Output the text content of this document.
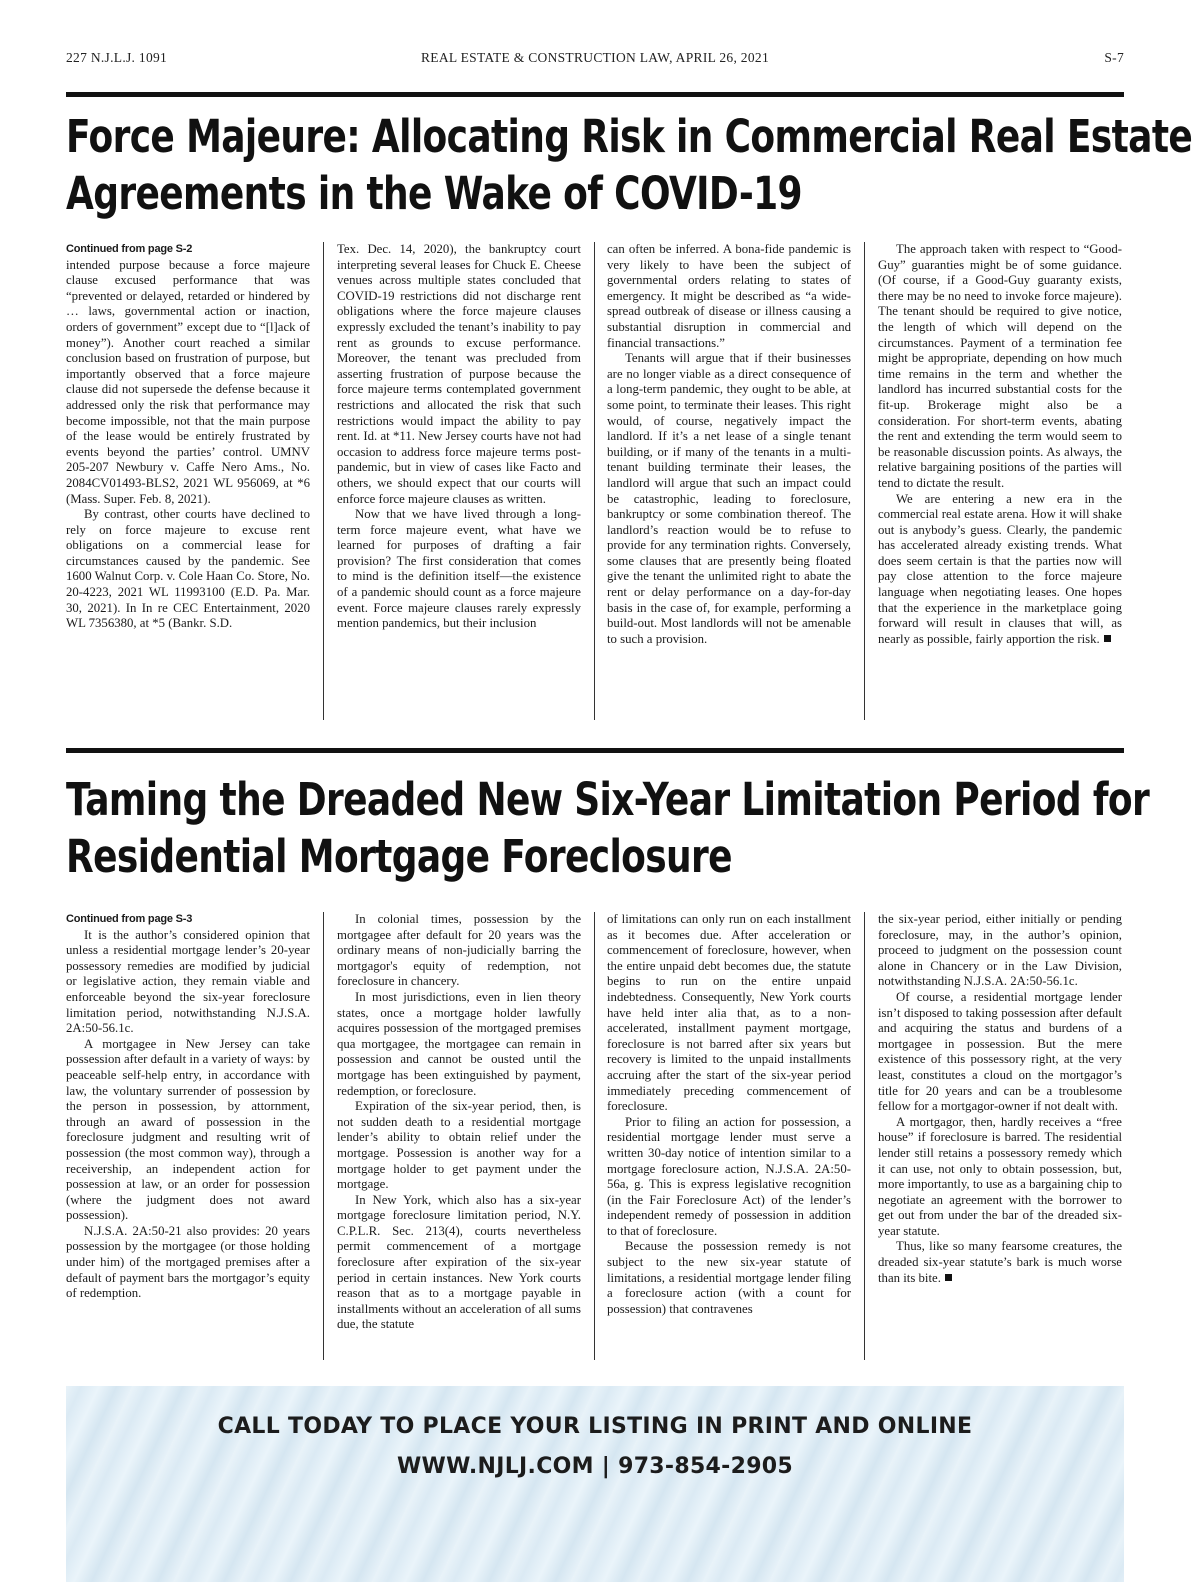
227 N.J.L.J. 1091	REAL ESTATE & CONSTRUCTION LAW, APRIL 26, 2021	S-7
Force Majeure: Allocating Risk in Commercial Real Estate
Agreements in the Wake of COVID-19

Continued from page S-2

intended purpose because a force majeure clause excused performance that was “prevented or delayed, retarded or hindered by … laws, governmental action or inaction, orders of government” except due to “[l]ack of money”). Another court reached a similar conclusion based on frustration of purpose, but importantly observed that a force majeure clause did not supersede the defense because it addressed only the risk that performance may become impossible, not that the main purpose of the lease would be entirely frustrated by events beyond the parties’ control. UMNV 205-207 Newbury v. Caffe Nero Ams., No. 2084CV01493-BLS2, 2021 WL 956069, at *6 (Mass. Super. Feb. 8, 2021).

By contrast, other courts have declined to rely on force majeure to excuse rent obligations on a commercial lease for circumstances caused by the pandemic. See 1600 Walnut Corp. v. Cole Haan Co. Store, No. 20-4223, 2021 WL 11993100 (E.D. Pa. Mar. 30, 2021). In In re CEC Entertainment, 2020 WL 7356380, at *5 (Bankr. S.D.

Tex. Dec. 14, 2020), the bankruptcy court interpreting several leases for Chuck E. Cheese venues across multiple states concluded that COVID-19 restrictions did not discharge rent obligations where the force majeure clauses expressly excluded the tenant’s inability to pay rent as grounds to excuse performance. Moreover, the tenant was precluded from asserting frustration of purpose because the force majeure terms contemplated government restrictions and allocated the risk that such restrictions would impact the ability to pay rent. Id. at *11. New Jersey courts have not had occasion to address force majeure terms post-pandemic, but in view of cases like Facto and others, we should expect that our courts will enforce force majeure clauses as written.

Now that we have lived through a long-term force majeure event, what have we learned for purposes of drafting a fair provision? The first consideration that comes to mind is the definition itself—the existence of a pandemic should count as a force majeure event. Force majeure clauses rarely expressly mention pandemics, but their inclusion

can often be inferred. A bona-fide pandemic is very likely to have been the subject of governmental orders relating to states of emergency. It might be described as “a wide-spread outbreak of disease or illness causing a substantial disruption in commercial and financial transactions.”

Tenants will argue that if their businesses are no longer viable as a direct consequence of a long-term pandemic, they ought to be able, at some point, to terminate their leases. This right would, of course, negatively impact the landlord. If it’s a net lease of a single tenant building, or if many of the tenants in a multi-tenant building terminate their leases, the landlord will argue that such an impact could be catastrophic, leading to foreclosure, bankruptcy or some combination thereof. The landlord’s reaction would be to refuse to provide for any termination rights. Conversely, some clauses that are presently being floated give the tenant the unlimited right to abate the rent or delay performance on a day-for-day basis in the case of, for example, performing a build-out. Most landlords will not be amenable to such a provision.

The approach taken with respect to “Good-Guy” guaranties might be of some guidance. (Of course, if a Good-Guy guaranty exists, there may be no need to invoke force majeure). The tenant should be required to give notice, the length of which will depend on the circumstances. Payment of a termination fee might be appropriate, depending on how much time remains in the term and whether the landlord has incurred substantial costs for the fit-up. Brokerage might also be a consideration. For short-term events, abating the rent and extending the term would seem to be reasonable discussion points. As always, the relative bargaining positions of the parties will tend to dictate the result.

We are entering a new era in the commercial real estate arena. How it will shake out is anybody’s guess. Clearly, the pandemic has accelerated already existing trends. What does seem certain is that the parties now will pay close attention to the force majeure language when negotiating leases. One hopes that the experience in the marketplace going forward will result in clauses that will, as nearly as possible, fairly apportion the risk.

Taming the Dreaded New Six-Year Limitation Period for
Residential Mortgage Foreclosure

Continued from page S-3

It is the author’s considered opinion that unless a residential mortgage lender’s 20-year possessory remedies are modified by judicial or legislative action, they remain viable and enforceable beyond the six-year foreclosure limitation period, notwithstanding N.J.S.A. 2A:50-56.1c.

A mortgagee in New Jersey can take possession after default in a variety of ways: by peaceable self-help entry, in accordance with law, the voluntary surrender of possession by the person in possession, by attornment, through an award of possession in the foreclosure judgment and resulting writ of possession (the most common way), through a receivership, an independent action for possession at law, or an order for possession (where the judgment does not award possession).

N.J.S.A. 2A:50-21 also provides: 20 years possession by the mortgagee (or those holding under him) of the mortgaged premises after a default of payment bars the mortgagor’s equity of redemption.

In colonial times, possession by the mortgagee after default for 20 years was the ordinary means of non-judicially barring the mortgagor's equity of redemption, not foreclosure in chancery.

In most jurisdictions, even in lien theory states, once a mortgage holder lawfully acquires possession of the mortgaged premises qua mortgagee, the mortgagee can remain in possession and cannot be ousted until the mortgage has been extinguished by payment, redemption, or foreclosure.

Expiration of the six-year period, then, is not sudden death to a residential mortgage lender’s ability to obtain relief under the mortgage. Possession is another way for a mortgage holder to get payment under the mortgage.

In New York, which also has a six-year mortgage foreclosure limitation period, N.Y. C.P.L.R. Sec. 213(4), courts nevertheless permit commencement of a mortgage foreclosure after expiration of the six-year period in certain instances. New York courts reason that as to a mortgage payable in installments without an acceleration of all sums due, the statute

of limitations can only run on each installment as it becomes due. After acceleration or commencement of foreclosure, however, when the entire unpaid debt becomes due, the statute begins to run on the entire unpaid indebtedness. Consequently, New York courts have held inter alia that, as to a non-accelerated, installment payment mortgage, foreclosure is not barred after six years but recovery is limited to the unpaid installments accruing after the start of the six-year period immediately preceding commencement of foreclosure.

Prior to filing an action for possession, a residential mortgage lender must serve a written 30-day notice of intention similar to a mortgage foreclosure action, N.J.S.A. 2A:50-56a, g. This is express legislative recognition (in the Fair Foreclosure Act) of the lender’s independent remedy of possession in addition to that of foreclosure.

Because the possession remedy is not subject to the new six-year statute of limitations, a residential mortgage lender filing a foreclosure action (with a count for possession) that contravenes

the six-year period, either initially or pending foreclosure, may, in the author’s opinion, proceed to judgment on the possession count alone in Chancery or in the Law Division, notwithstanding N.J.S.A. 2A:50-56.1c.

Of course, a residential mortgage lender isn’t disposed to taking possession after default and acquiring the status and burdens of a mortgagee in possession. But the mere existence of this possessory right, at the very least, constitutes a cloud on the mortgagor’s title for 20 years and can be a troublesome fellow for a mortgagor-owner if not dealt with.

A mortgagor, then, hardly receives a “free house” if foreclosure is barred. The residential lender still retains a possessory remedy which it can use, not only to obtain possession, but, more importantly, to use as a bargaining chip to negotiate an agreement with the borrower to get out from under the bar of the dreaded six-year statute.

Thus, like so many fearsome creatures, the dreaded six-year statute’s bark is much worse than its bite.

CALL TODAY TO PLACE YOUR LISTING IN PRINT AND ONLINE
WWW.NJLJ.COM | 973-854-2905
